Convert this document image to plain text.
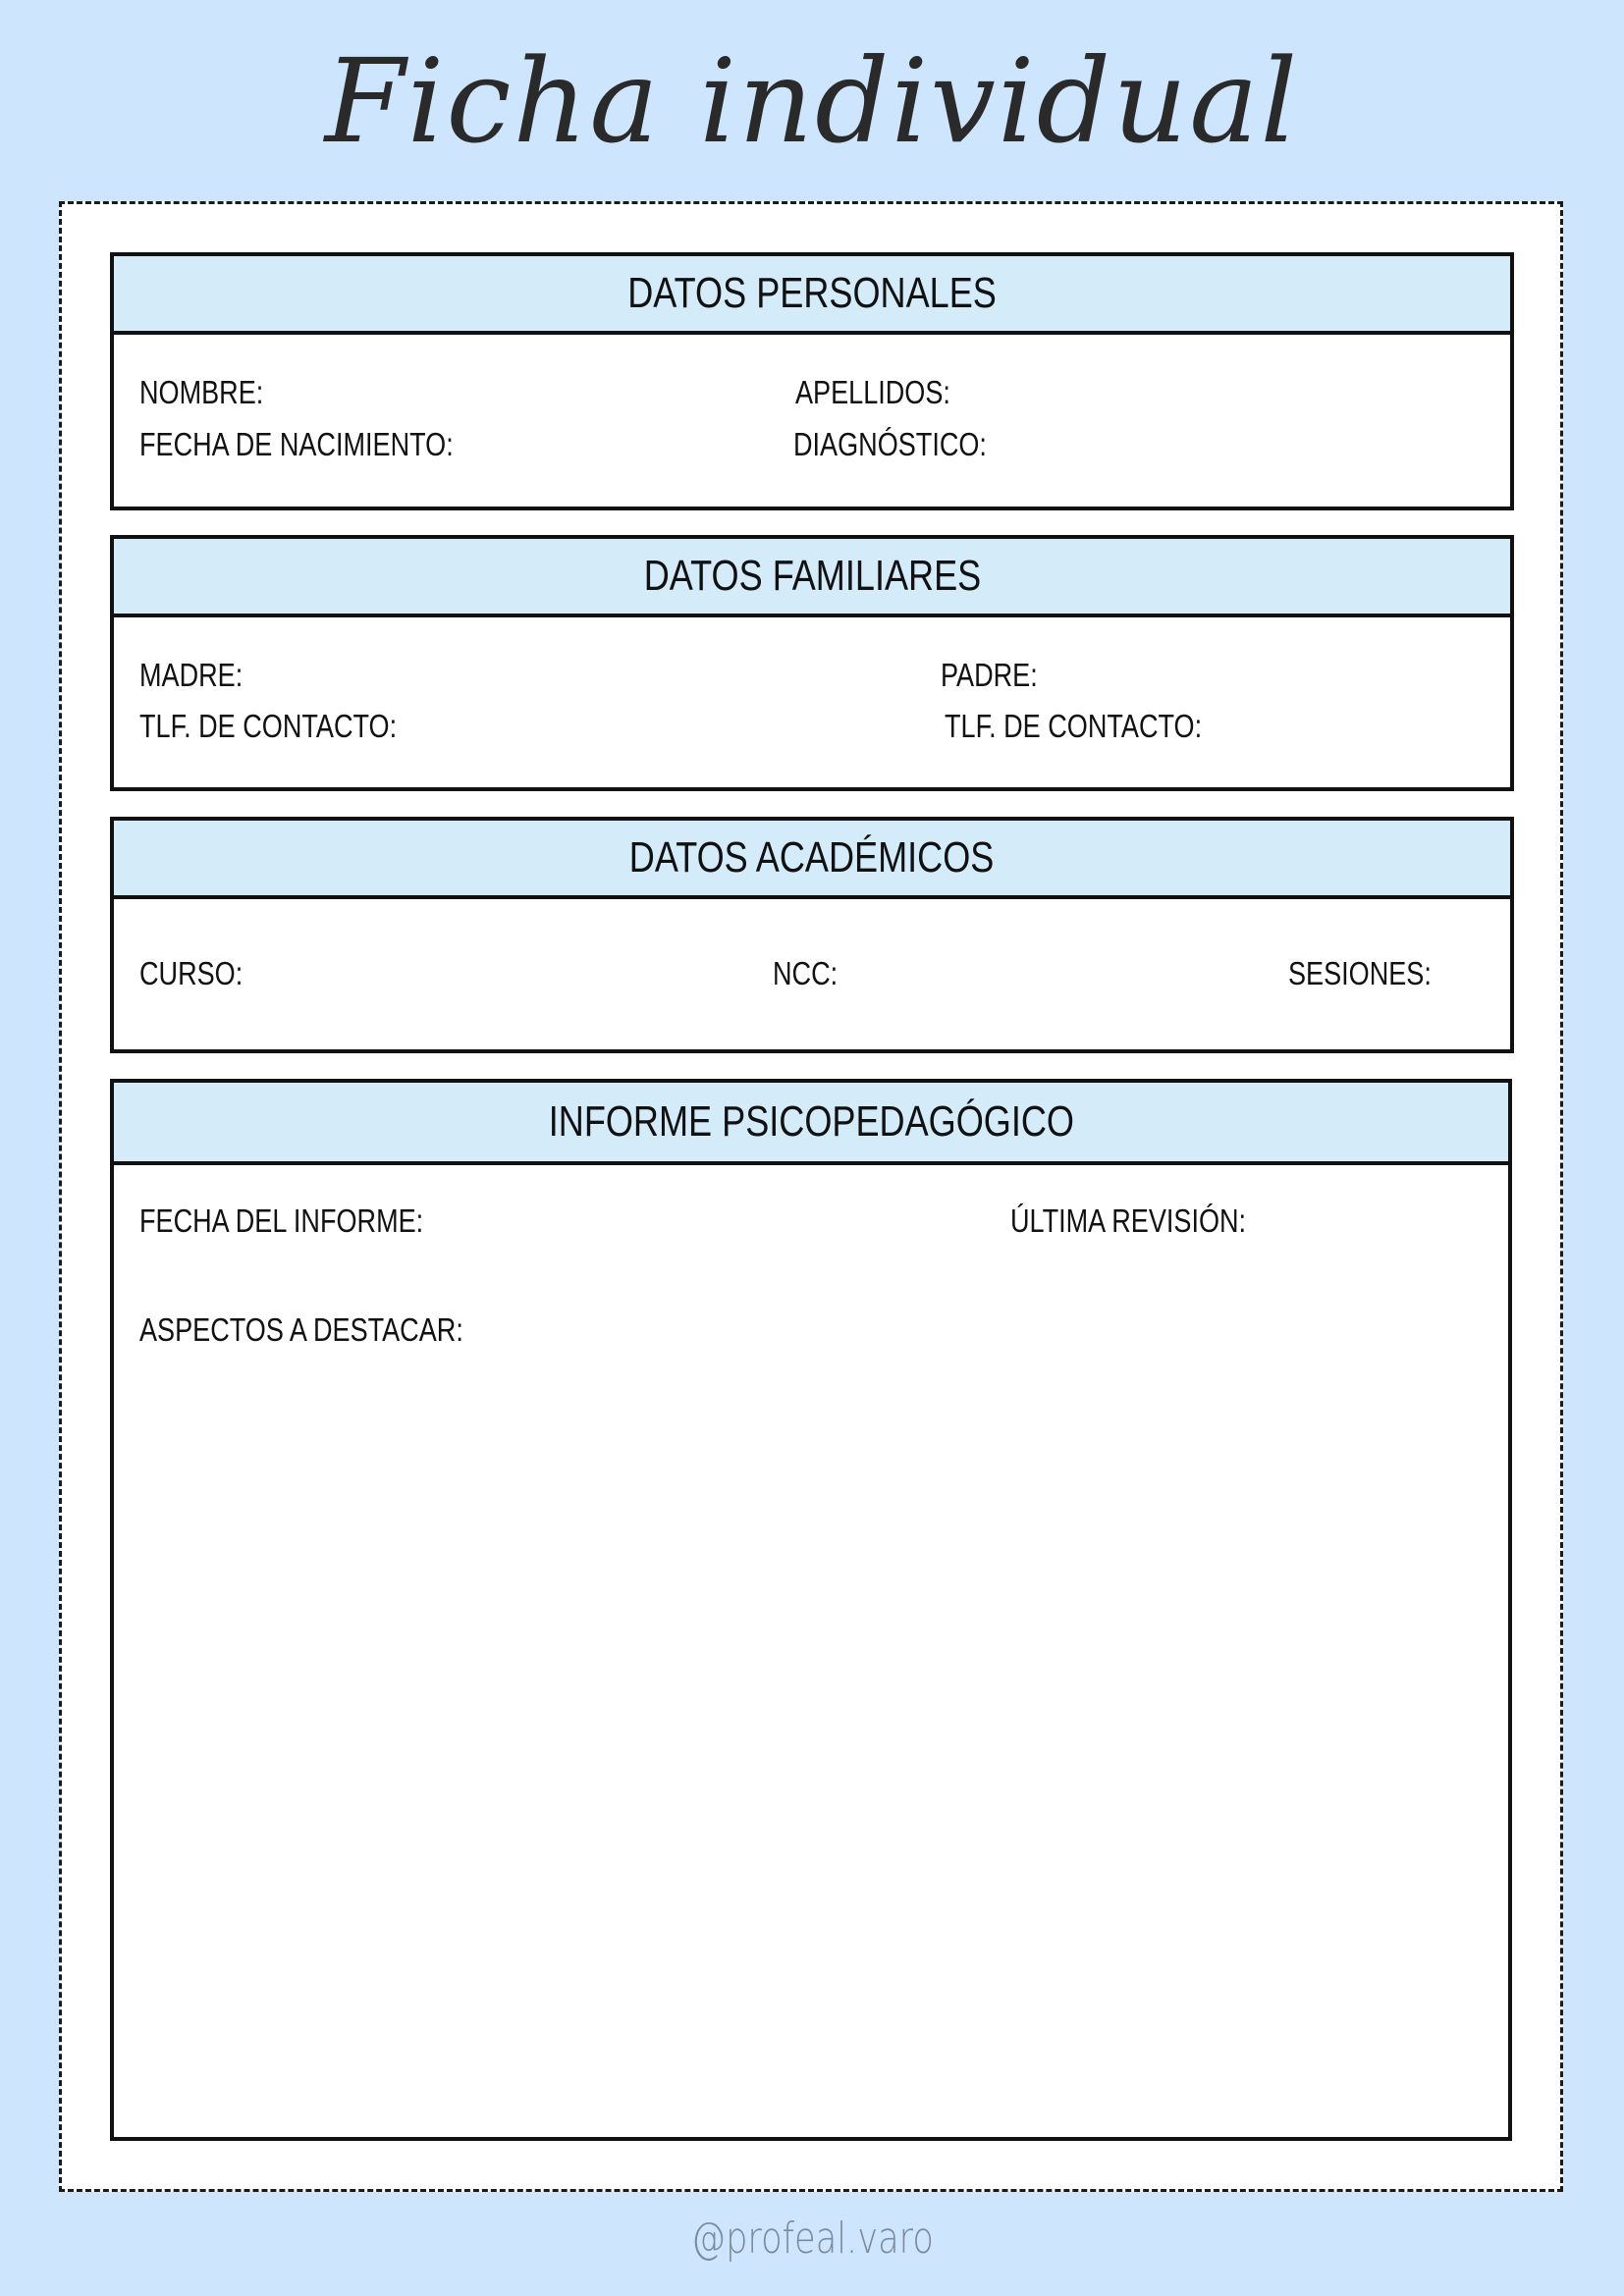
Ficha individual
DATOS PERSONALES
NOMBRE:	APELLIDOS:
FECHA DE NACIMIENTO:	DIAGNÓSTICO:
DATOS FAMILIARES
MADRE:	PADRE:
TLF. DE CONTACTO:	TLF. DE CONTACTO:
DATOS ACADÉMICOS
CURSO:	NCC:	SESIONES:
INFORME PSICOPEDAGÓGICO
FECHA DEL INFORME:	ÚLTIMA REVISIÓN:
ASPECTOS A DESTACAR:
@profeal.varo
